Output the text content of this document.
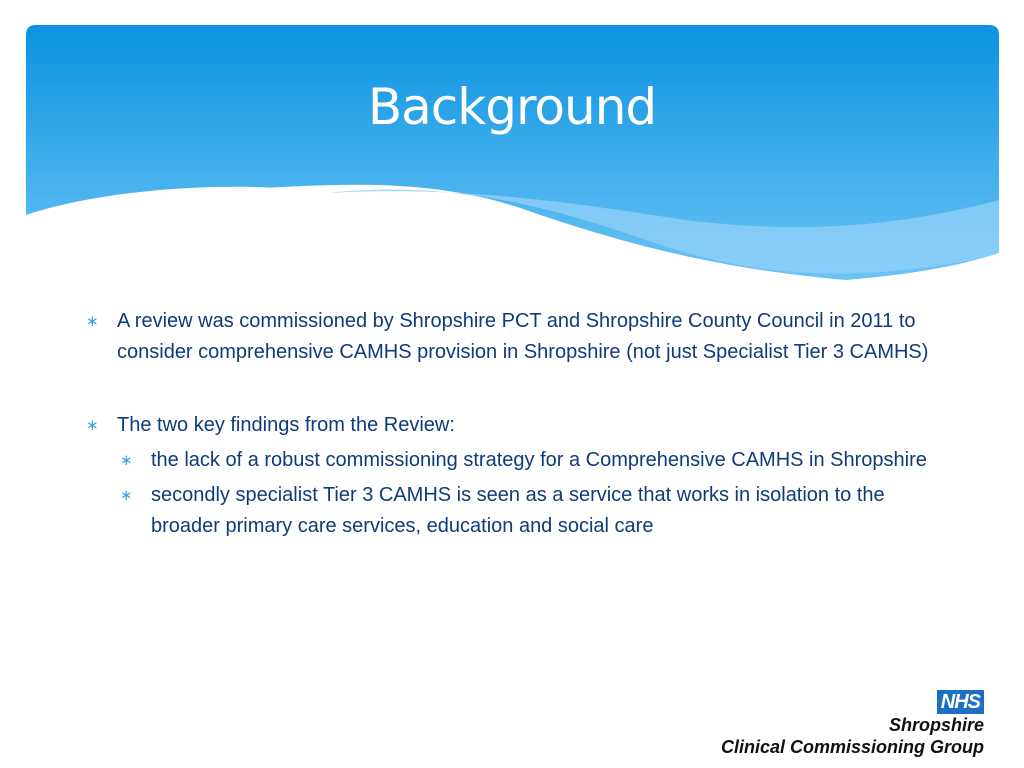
Background
∗ A review was commissioned by Shropshire PCT and Shropshire County Council in 2011 to consider comprehensive CAMHS provision in Shropshire (not just Specialist Tier 3 CAMHS)
∗ The two key findings from the Review:
∗ the lack of a robust commissioning strategy for a Comprehensive CAMHS in Shropshire
∗ secondly specialist Tier 3 CAMHS is seen as a service that works in isolation to the broader primary care services, education and social care
NHS
Shropshire
Clinical Commissioning Group
